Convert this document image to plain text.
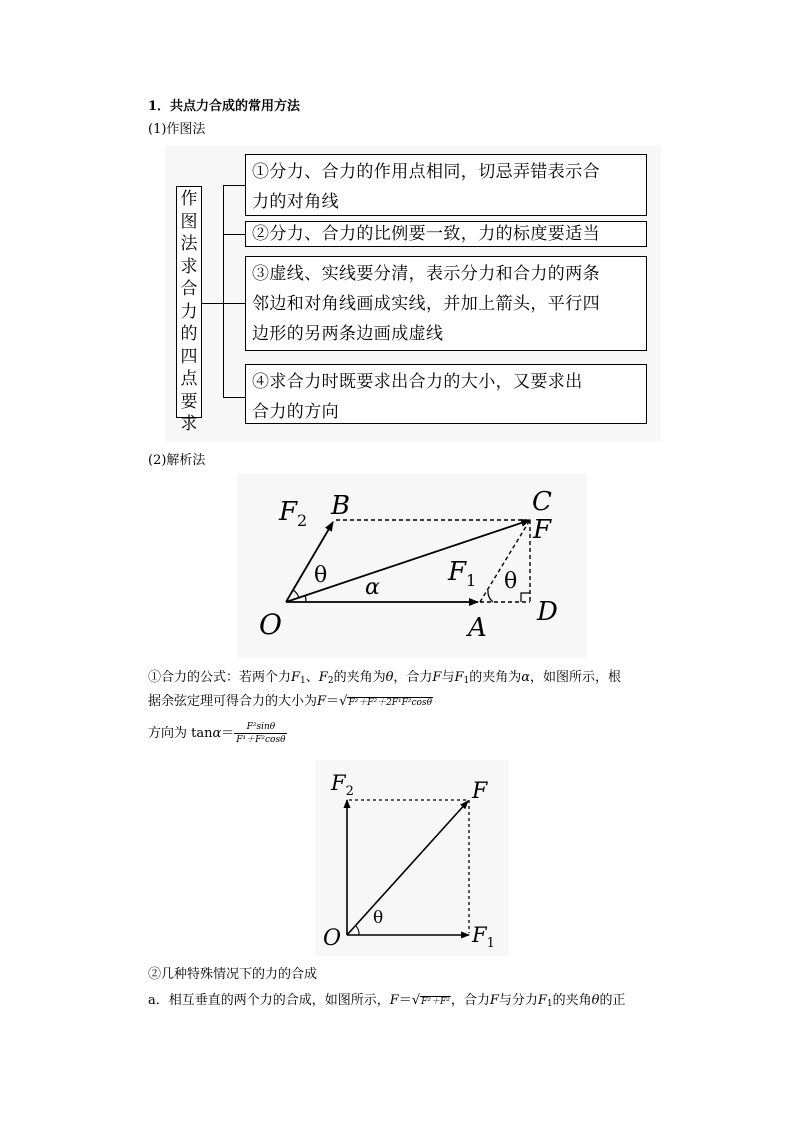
1．共点力合成的常用方法
(1)作图法
作
图
法
求
合
力
的
四
点
要
求
①分力、合力的作用点相同，切忌弄错表示合
力的对角线
②分力、合力的比例要一致，力的标度要适当
③虚线、实线要分清，表示分力和合力的两条
邻边和对角线画成实线，并加上箭头，平行四
边形的另两条边画成虚线
④求合力时既要求出合力的大小，又要求出
合力的方向
(2)解析法
O	A
B	C
F
D
$F_2$
$F_1$
θ	θ
α
①合力的公式：若两个力$F_1$、$F_2$的夹角为θ，合力F与$F_1$的夹角为α，如图所示，根
据余弦定理可得合力的大小为F＝√F²＋F²＋2F¹F²cosθ
方向为 $\tan\alpha= \frac{\text{F²sinθ}}{\text{F¹＋F²cosθ}}$
O
F
$F_2$
$F_1$
θ
②几种特殊情况下的力的合成
a．相互垂直的两个力的合成，如图所示，F＝√F²＋F²，合力F与分力$F_1$的夹角θ的正
